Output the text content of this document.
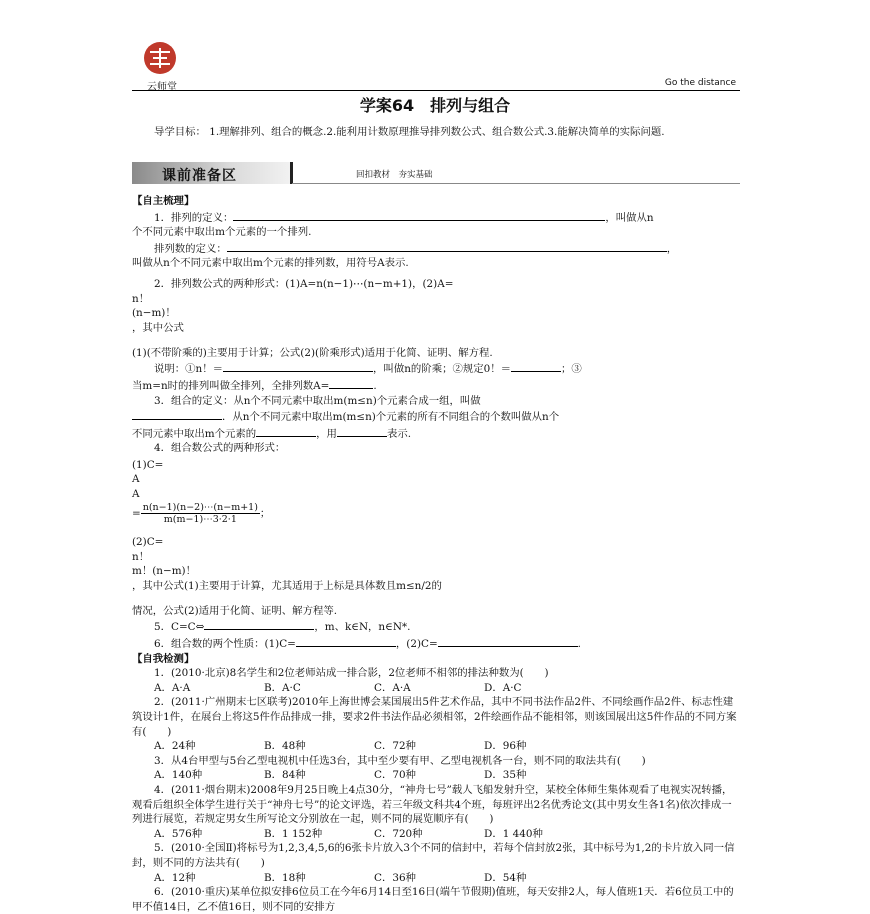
云师堂	Go the distance
学案64　排列与组合

导学目标： 1.理解排列、组合的概念.2.能利用计数原理推导排列数公式、组合数公式.3.能解决简单的实际问题.

课前准备区	回扣教材　夯实基础

【自主梳理】

1．排列的定义：	，叫做从n

个不同元素中取出m个元素的一个排列.

排列数的定义：	，

叫做从n个不同元素中取出m个元素的排列数，用符号A表示.

2．排列数公式的两种形式：(1)A=n(n−1)⋯(n−m+1)，(2)A=

n！
(n−m)！
，其中公式

(1)(不带阶乘的)主要用于计算；公式(2)(阶乘形式)适用于化简、证明、解方程.

说明：①n！＝	，叫做n的阶乘；②规定0！＝	；③

当m=n时的排列叫做全排列，全排列数A=	.

3．组合的定义：从n个不同元素中取出m(m≤n)个元素合成一组，叫做

．从n个不同元素中取出m(m≤n)个元素的所有不同组合的个数叫做从n个

不同元素中取出m个元素的	，用	表示.

4．组合数公式的两种形式：

(1)C=

A
A
= $\frac{n(n-1)(n-2)\cdots(n-m+1)}{m(m-1)\cdots 3\cdot 2\cdot 1}$ ；

(2)C=

n！
m！(n−m)！
，其中公式(1)主要用于计算，尤其适用于上标是具体数且m≤n/2的

情况，公式(2)适用于化简、证明、解方程等.

5．C=C⇔	，m、k∈N，n∈N*.

6．组合数的两个性质：(1)C=	，(2)C=	.

【自我检测】

1．(2010·北京)8名学生和2位老师站成一排合影，2位老师不相邻的排法种数为(　　)

A．A·A	B．A·C	C．A·A	D．A·C

2．(2011·广州期末七区联考)2010年上海世博会某国展出5件艺术作品，其中不同书法作品2件、不同绘画作品2件、标志性建筑设计1件，在展台上将这5件作品排成一排，要求2件书法作品必须相邻，2件绘画作品不能相邻，则该国展出这5件作品的不同方案有(　　)

A．24种	B．48种	C．72种	D．96种

3．从4台甲型与5台乙型电视机中任选3台，其中至少要有甲、乙型电视机各一台，则不同的取法共有(　　)

A．140种	B．84种	C．70种	D．35种

4．(2011·烟台期末)2008年9月25日晚上4点30分，“神舟七号”载人飞船发射升空，某校全体师生集体观看了电视实况转播，观看后组织全体学生进行关于“神舟七号”的论文评选，若三年级文科共4个班，每班评出2名优秀论文(其中男女生各1名)依次排成一列进行展览，若规定男女生所写论文分别放在一起，则不同的展览顺序有(　　)

A．576种	B．1 152种	C．720种	D．1 440种

5．(2010·全国Ⅱ)将标号为1,2,3,4,5,6的6张卡片放入3个不同的信封中，若每个信封放2张，其中标号为1,2的卡片放入同一信封，则不同的方法共有(　　)

A．12种	B．18种	C．36种	D．54种

6．(2010·重庆)某单位拟安排6位员工在今年6月14日至16日(端午节假期)值班，每天安排2人，每人值班1天．若6位员工中的甲不值14日，乙不值16日，则不同的安排方
